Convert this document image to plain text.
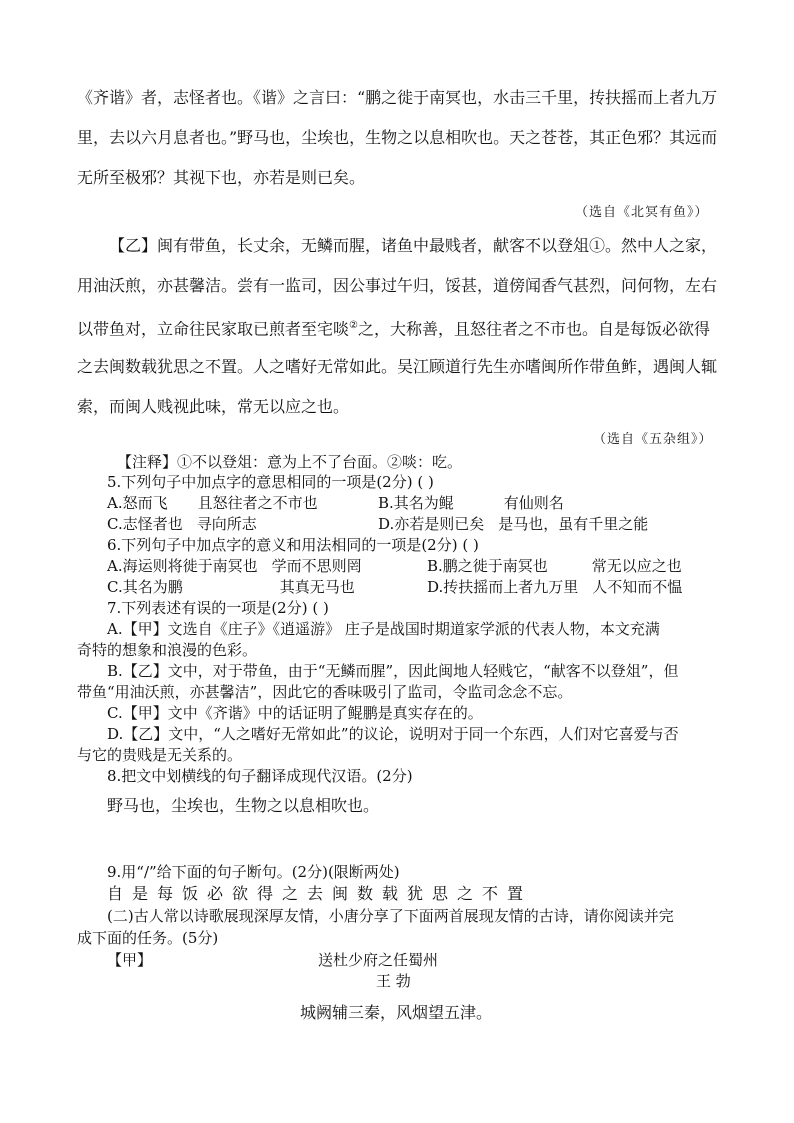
《齐谐》者，志怪者也。《谐》之言曰：“鹏之徙于南冥也，水击三千里，抟扶摇而上者九万
里，去以六月息者也。”野马也，尘埃也，生物之以息相吹也。天之苍苍，其正色邪？其远而
无所至极邪？其视下也，亦若是则已矣。
（选自《北冥有鱼》）
【乙】闽有带鱼，长丈余，无鳞而腥，诸鱼中最贱者，献客不以登俎①。然中人之家，
用油沃煎，亦甚馨洁。尝有一监司，因公事过午归，馁甚，道傍闻香气甚烈，问何物，左右
以带鱼对，立命往民家取已煎者至宅啖②之，大称善，且怒往者之不市也。自是每饭必欲得
之去闽数载犹思之不置。人之嗜好无常如此。吴江顾道行先生亦嗜闽所作带鱼鲊，遇闽人辄
索，而闽人贱视此味，常无以应之也。
（选自《五杂组》）
【注释】①不以登俎：意为上不了台面。②啖：吃。
5.下列句子中加点字的意思相同的一项是(2分) ( )
A.怒而飞 且怒往者之不市也	B.其名为鲲	有仙则名
C.志怪者也 寻向所志	D.亦若是则已矣 是马也，虽有千里之能
6.下列句子中加点字的意义和用法相同的一项是(2分) ( )
A.海运则将徙于南冥也 学而不思则罔	B.鹏之徙于南冥也	常无以应之也
C.其名为鹏	其真无马也	D.抟扶摇而上者九万里 人不知而不愠
7.下列表述有误的一项是(2分) ( )
A.【甲】文选自《庄子》《逍遥游》 庄子是战国时期道家学派的代表人物，本文充满
奇特的想象和浪漫的色彩。
B.【乙】文中，对于带鱼，由于“无鳞而腥”，因此闽地人轻贱它，“献客不以登俎”，但
带鱼“用油沃煎，亦甚馨洁”，因此它的香味吸引了监司，令监司念念不忘。
C.【甲】文中《齐谐》中的话证明了鲲鹏是真实存在的。
D.【乙】文中，“人之嗜好无常如此”的议论，说明对于同一个东西，人们对它喜爱与否
与它的贵贱是无关系的。
8.把文中划横线的句子翻译成现代汉语。(2分)
野马也，尘埃也，生物之以息相吹也。
9.用“/”给下面的句子断句。(2分)(限断两处)
自是每饭必欲得之去闽数载犹思之不置
(二)古人常以诗歌展现深厚友情，小唐分享了下面两首展现友情的古诗，请你阅读并完
成下面的任务。(5分)
【甲】	送杜少府之任蜀州
王 勃
城阙辅三秦，风烟望五津。
